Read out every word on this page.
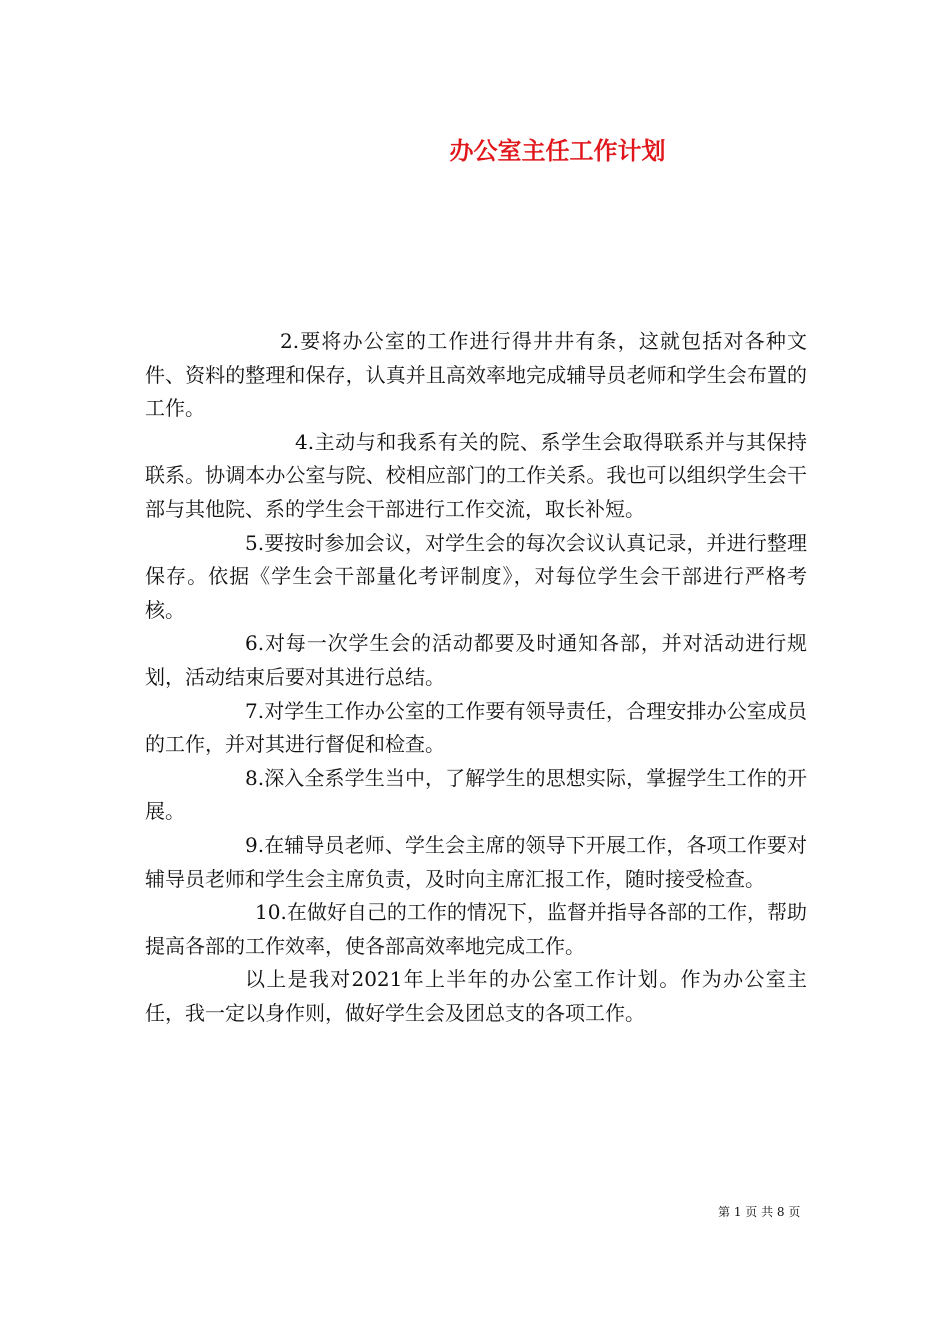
办公室主任工作计划

2.要将办公室的工作进行得井井有条，这就包括对各种文件、资料的整理和保存，认真并且高效率地完成辅导员老师和学生会布置的工作。

4.主动与和我系有关的院、系学生会取得联系并与其保持联系。协调本办公室与院、校相应部门的工作关系。我也可以组织学生会干部与其他院、系的学生会干部进行工作交流，取长补短。

5.要按时参加会议，对学生会的每次会议认真记录，并进行整理保存。依据《学生会干部量化考评制度》，对每位学生会干部进行严格考核。

6.对每一次学生会的活动都要及时通知各部，并对活动进行规划，活动结束后要对其进行总结。

7.对学生工作办公室的工作要有领导责任，合理安排办公室成员的工作，并对其进行督促和检查。

8.深入全系学生当中，了解学生的思想实际，掌握学生工作的开展。

9.在辅导员老师、学生会主席的领导下开展工作，各项工作要对辅导员老师和学生会主席负责，及时向主席汇报工作，随时接受检查。

10.在做好自己的工作的情况下，监督并指导各部的工作，帮助提高各部的工作效率，使各部高效率地完成工作。

以上是我对2021年上半年的办公室工作计划。作为办公室主任，我一定以身作则，做好学生会及团总支的各项工作。

第 1 页 共 8 页
